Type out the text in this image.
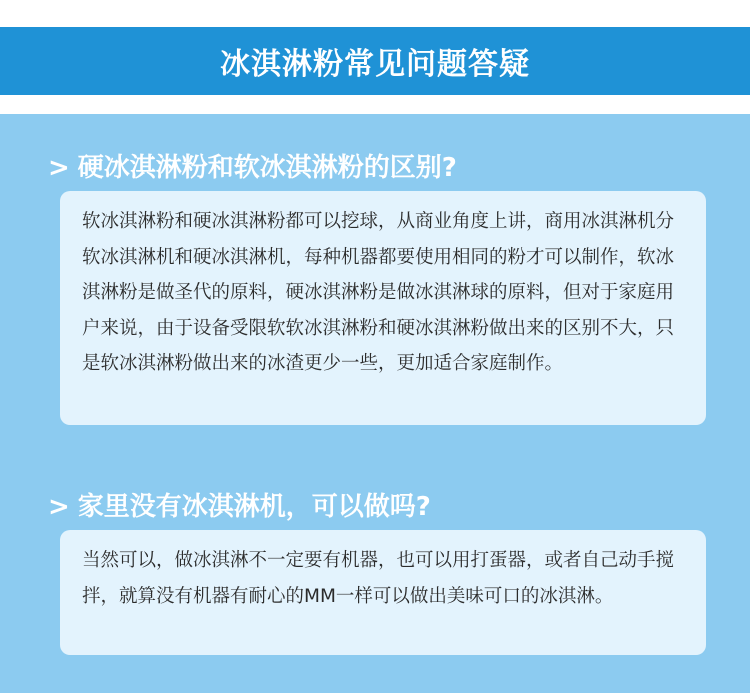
冰淇淋粉常见问题答疑
> 硬冰淇淋粉和软冰淇淋粉的区别?

软冰淇淋粉和硬冰淇淋粉都可以挖球，从商业角度上讲，商用冰淇淋机分软冰淇淋机和硬冰淇淋机，每种机器都要使用相同的粉才可以制作，软冰淇淋粉是做圣代的原料，硬冰淇淋粉是做冰淇淋球的原料，但对于家庭用户来说，由于设备受限软软冰淇淋粉和硬冰淇淋粉做出来的区别不大，只是软冰淇淋粉做出来的冰渣更少一些，更加适合家庭制作。

> 家里没有冰淇淋机，可以做吗?

当然可以，做冰淇淋不一定要有机器，也可以用打蛋器，或者自己动手搅拌，就算没有机器有耐心的MM一样可以做出美味可口的冰淇淋。
